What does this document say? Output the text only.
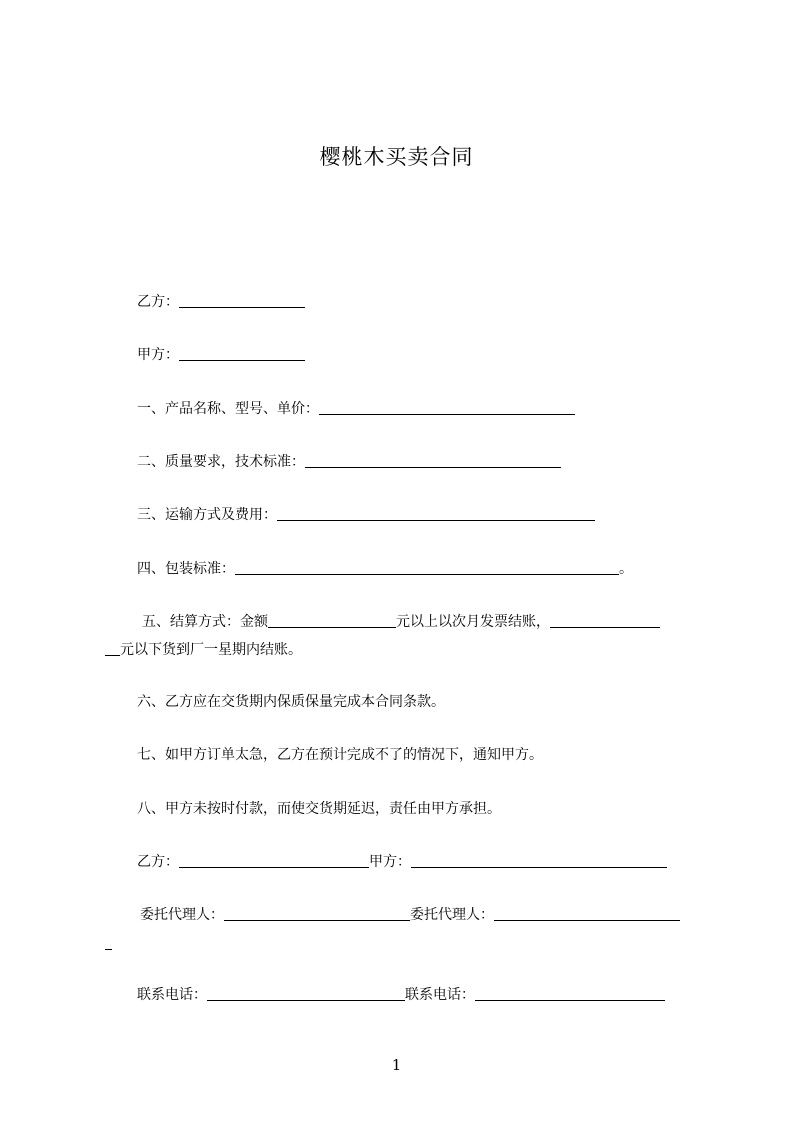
樱桃木买卖合同
乙方：
甲方：
一、产品名称、型号、单价：
二、质量要求，技术标准：
三、运输方式及费用：
四、包装标准：	。
五、结算方式：金额	元以上以次月发票结账，
元以下货到厂一星期内结账。
六、乙方应在交货期内保质保量完成本合同条款。
七、如甲方订单太急，乙方在预计完成不了的情况下，通知甲方。
八、甲方未按时付款，而使交货期延迟，责任由甲方承担。
乙方：	甲方：
委托代理人：	委托代理人：
联系电话：	联系电话：
1
